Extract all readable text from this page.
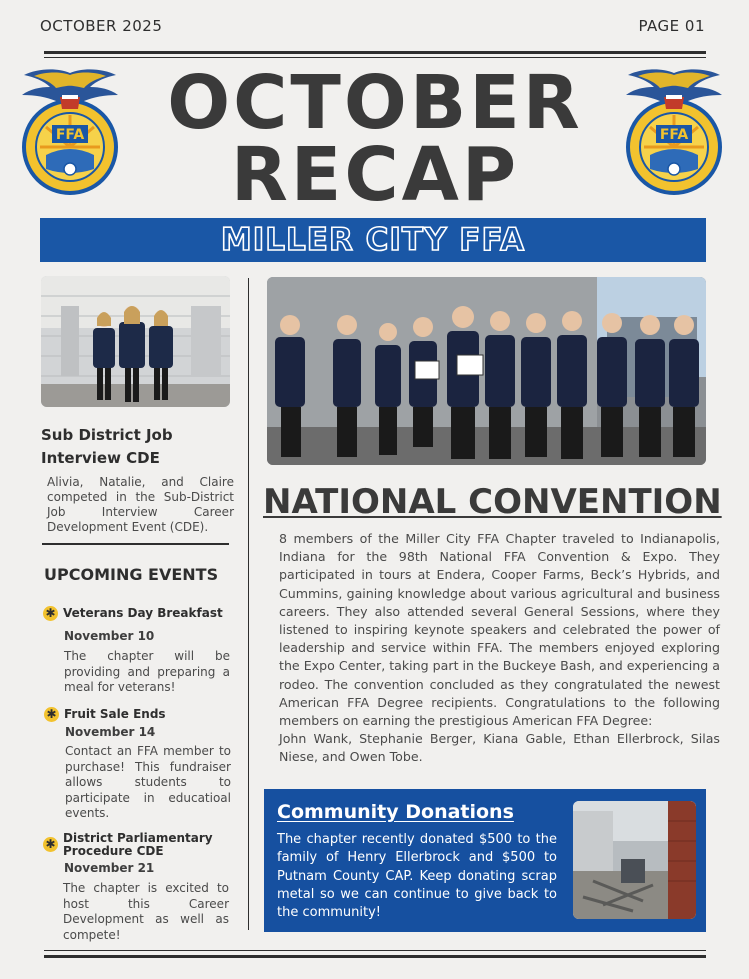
OCTOBER 2025	PAGE 01
FFA	FFA
OCTOBER
RECAP
MILLER CITY FFA
Sub District Job
Interview CDE
Alivia, Natalie, and Claire competed in the Sub-District Job Interview Career Development Event (CDE).
UPCOMING EVENTS
✱ Veterans Day Breakfast
November 10
The chapter will be providing and preparing a meal for veterans!
✱ Fruit Sale Ends
November 14
Contact an FFA member to purchase! This fundraiser allows students to participate in educatioal events.
✱ District Parliamentary
Procedure CDE
November 21
The chapter is excited to host this Career Development as well as compete!
NATIONAL CONVENTION

8 members of the Miller City FFA Chapter traveled to Indianapolis, Indiana for the 98th National FFA Convention & Expo. They participated in tours at Endera, Cooper Farms, Beck’s Hybrids, and Cummins, gaining knowledge about various agricultural and business careers. They also attended several General Sessions, where they listened to inspiring keynote speakers and celebrated the power of leadership and service within FFA. The members enjoyed exploring the Expo Center, taking part in the Buckeye Bash, and experiencing a rodeo. The convention concluded as they congratulated the newest American FFA Degree recipients. Congratulations to the following members on earning the prestigious American FFA Degree:

John Wank, Stephanie Berger, Kiana Gable, Ethan Ellerbrock, Silas Niese, and Owen Tobe.

Community Donations
The chapter recently donated $500 to the family of Henry Ellerbrock and $500 to Putnam County CAP. Keep donating scrap metal so we can continue to give back to the community!
